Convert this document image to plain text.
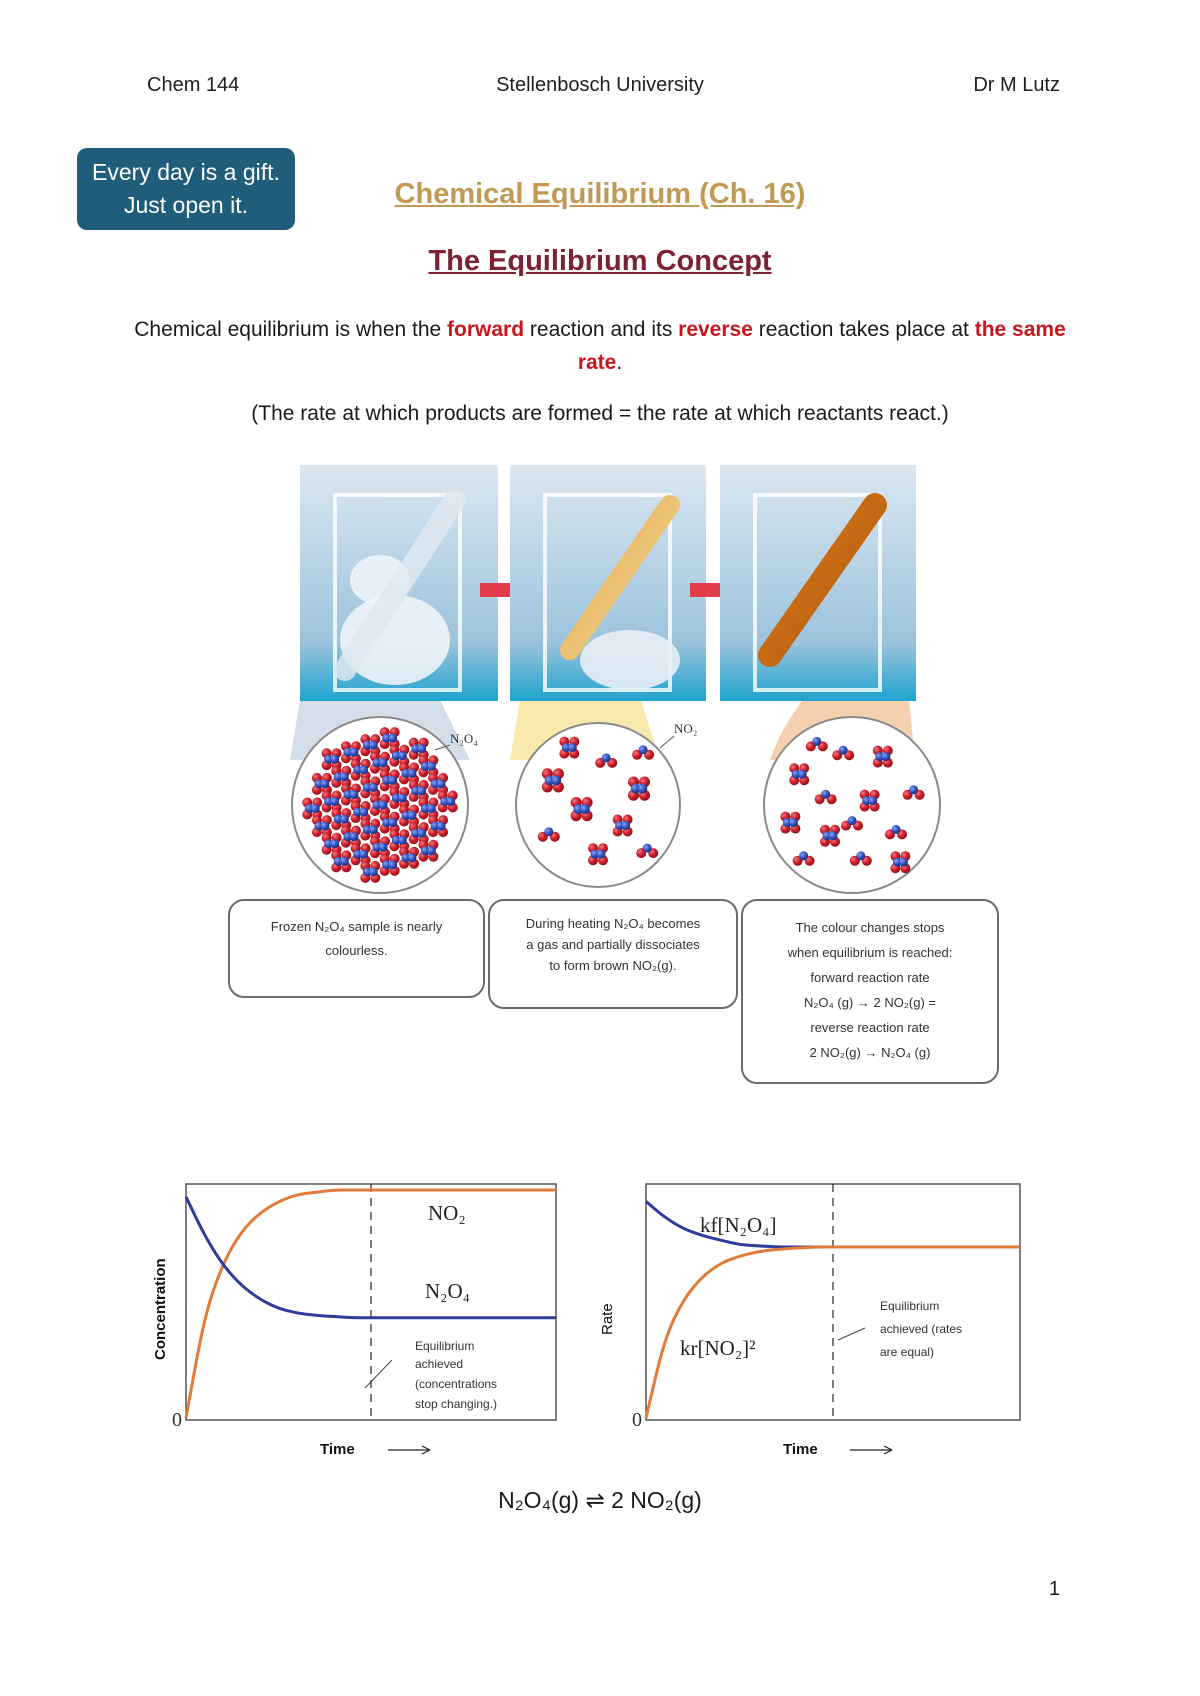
Chem 144	Stellenbosch University	Dr M Lutz
Every day is a gift. Just open it.	Chemical Equilibrium (Ch. 16)
The Equilibrium Concept
Chemical equilibrium is when the forward reaction and its reverse reaction takes place at the same rate.
(The rate at which products are formed = the rate at which reactants react.)
N₂O₄
NO₂
Frozen N₂O₄ sample is nearly colourless.
During heating N₂O₄ becomes
a gas and partially dissociates
to form brown NO₂(g).
The colour changes stops
when equilibrium is reached:
forward reaction rate
N₂O₄ (g) → 2 NO₂(g) =
reverse reaction rate
2 NO₂(g) → N₂O₄ (g)
0
Concentration
Time
NO₂
N₂O₄
Equilibrium
achieved
(concentrations
stop changing.)
0
Rate
Time
kf[N₂O₄]
kr[NO₂]²
Equilibrium
achieved (rates
are equal)
N₂O₄(g) ⇌ 2 NO₂(g)
1
